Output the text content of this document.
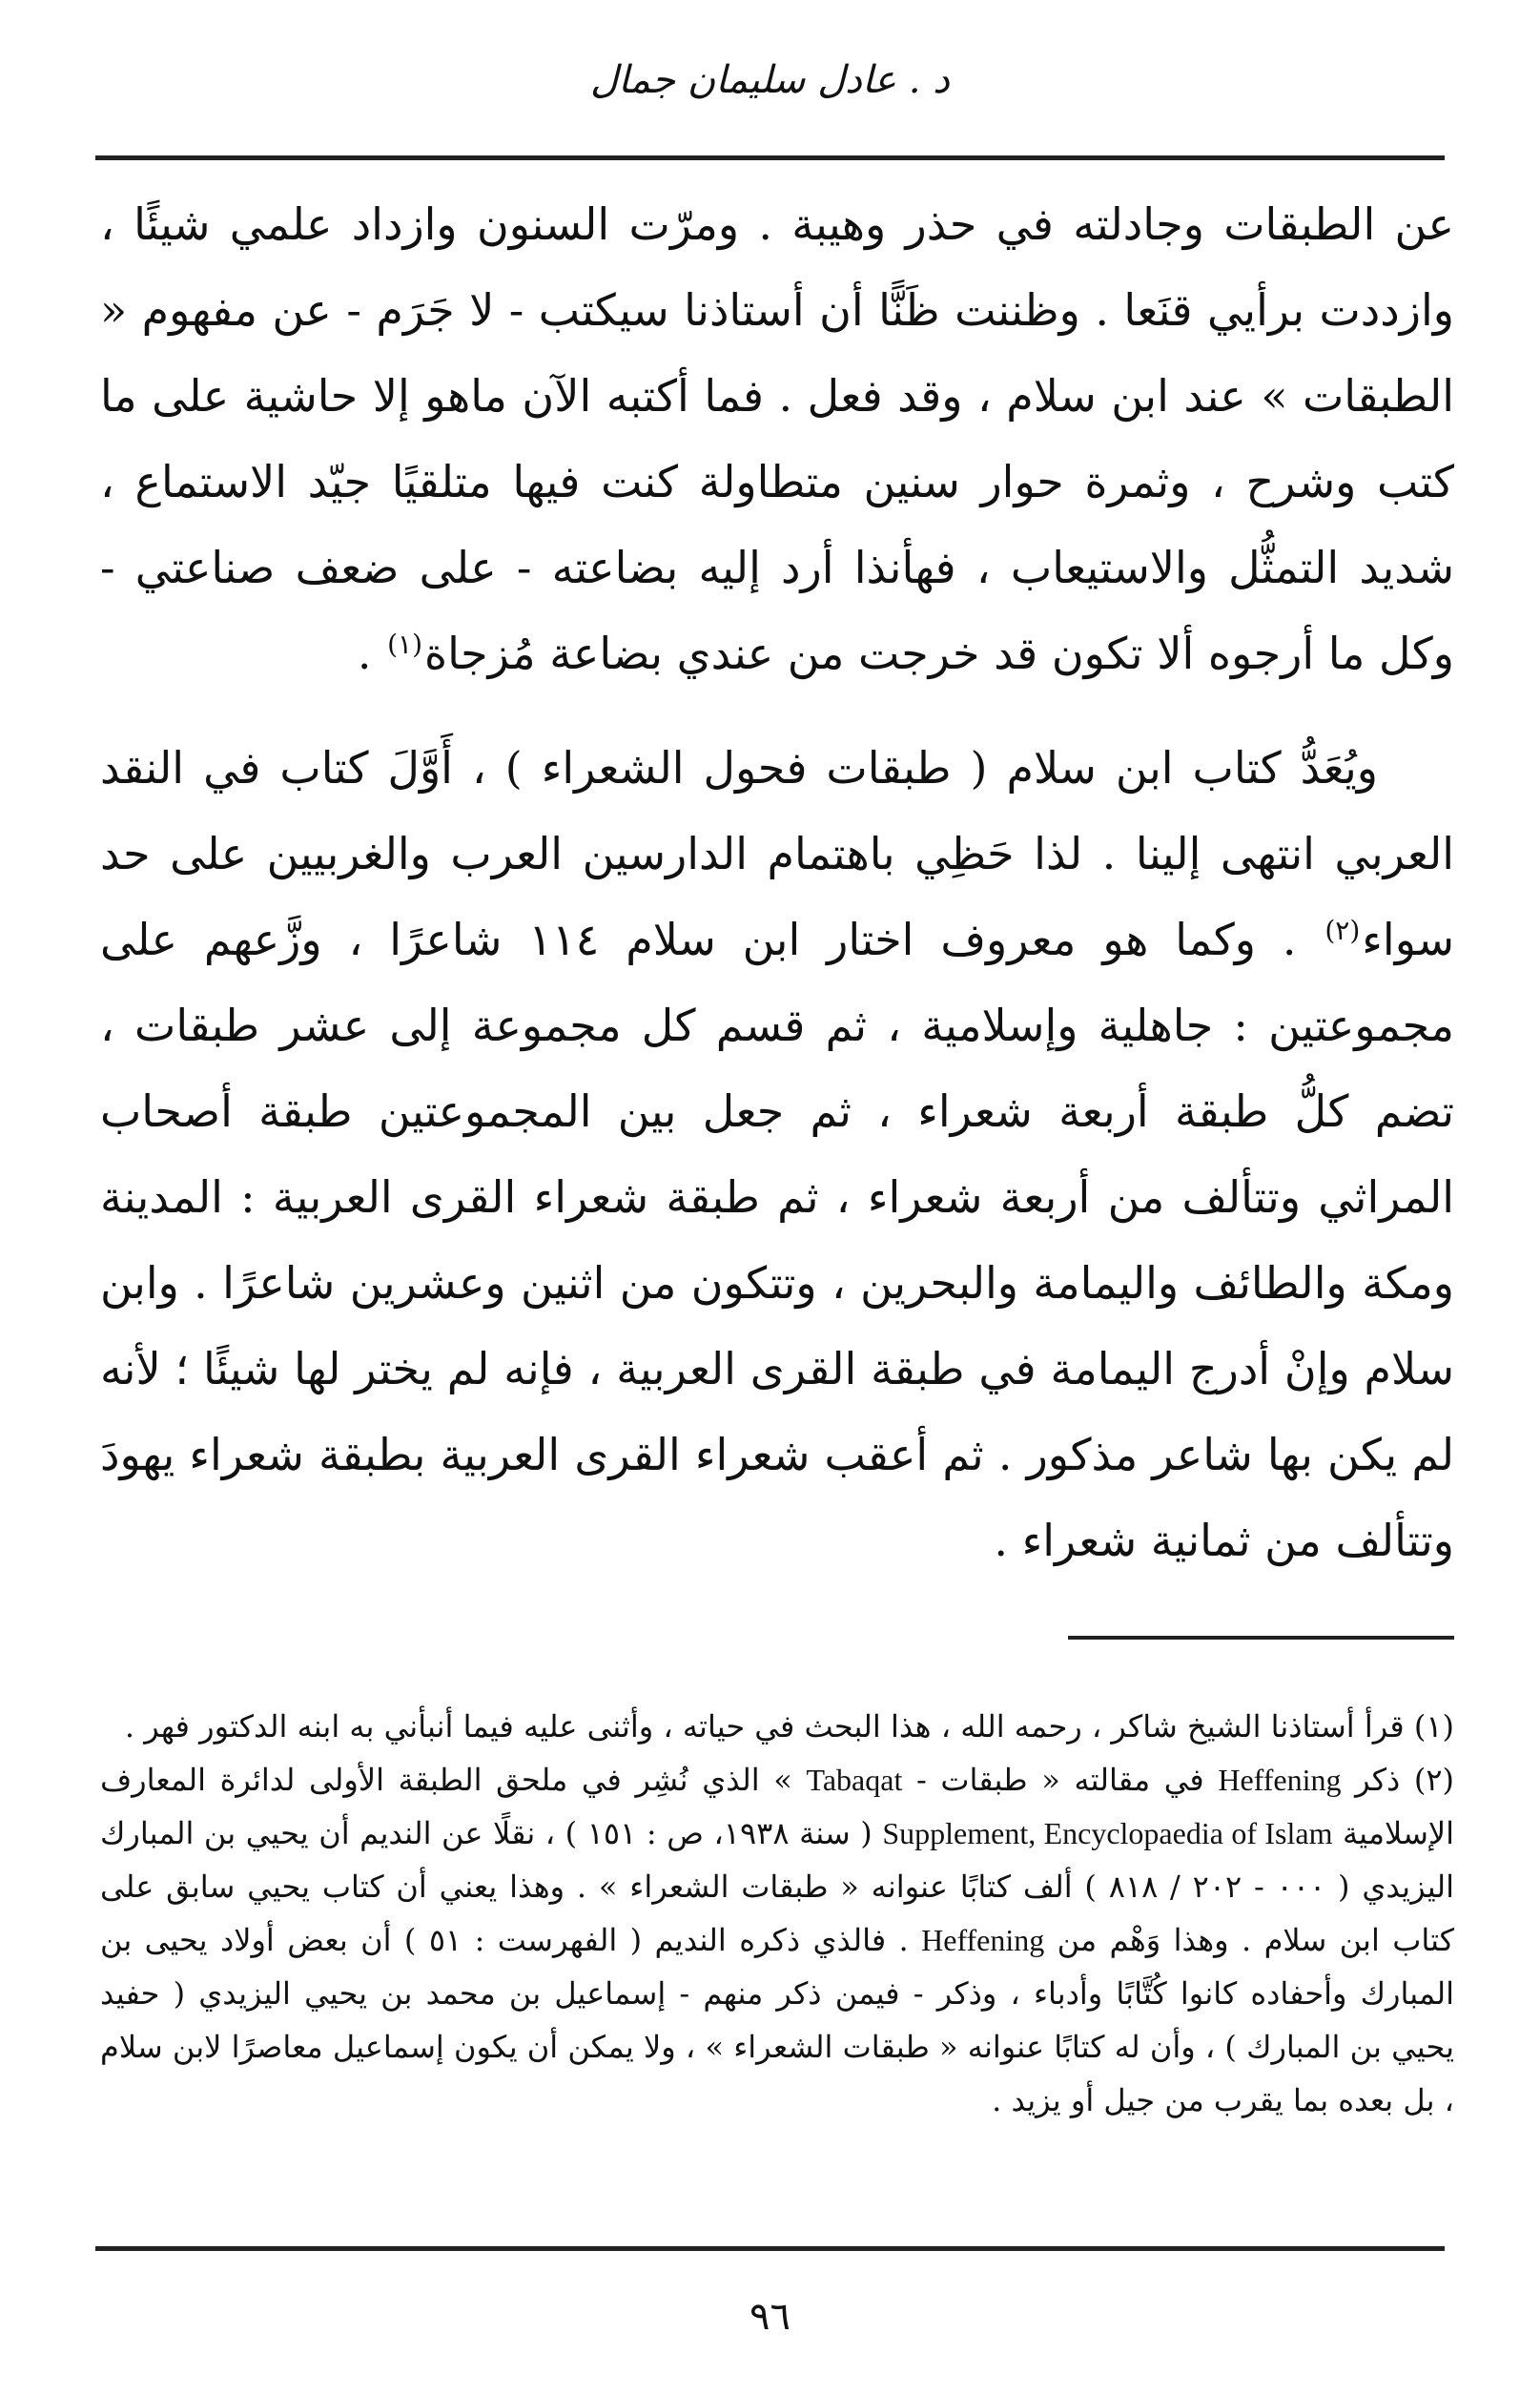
د . عادل سليمان جمال

عن الطبقات وجادلته في حذر وهيبة . ومرّت السنون وازداد علمي شيئًا ، وازددت برأيي قنَعا . وظننت ظَنًّا أن أستاذنا سيكتب - لا جَرَم - عن مفهوم « الطبقات » عند ابن سلام ، وقد فعل . فما أكتبه الآن ماهو إلا حاشية على ما كتب وشرح ، وثمرة حوار سنين متطاولة كنت فيها متلقيًا جيّد الاستماع ، شديد التمثُّل والاستيعاب ، فهأنذا أرد إليه بضاعته - على ضعف صناعتي - وكل ما أرجوه ألا تكون قد خرجت من عندي بضاعة مُزجاة$^{(١)}$ .

ويُعَدُّ كتاب ابن سلام ( طبقات فحول الشعراء ) ، أَوَّلَ كتاب في النقد العربي انتهى إلينا . لذا حَظِي باهتمام الدارسين العرب والغربيين على حد سواء$^{(٢)}$ . وكما هو معروف اختار ابن سلام ١١٤ شاعرًا ، وزَّعهم على مجموعتين : جاهلية وإسلامية ، ثم قسم كل مجموعة إلى عشر طبقات ، تضم كلُّ طبقة أربعة شعراء ، ثم جعل بين المجموعتين طبقة أصحاب المراثي وتتألف من أربعة شعراء ، ثم طبقة شعراء القرى العربية : المدينة ومكة والطائف واليمامة والبحرين ، وتتكون من اثنين وعشرين شاعرًا . وابن سلام وإنْ أدرج اليمامة في طبقة القرى العربية ، فإنه لم يختر لها شيئًا ؛ لأنه لم يكن بها شاعر مذكور . ثم أعقب شعراء القرى العربية بطبقة شعراء يهودَ وتتألف من ثمانية شعراء .

(١) قرأ أستاذنا الشيخ شاكر ، رحمه الله ، هذا البحث في حياته ، وأثنى عليه فيما أنبأني به ابنه الدكتور فهر .

(٢) ذكر Heffening في مقالته « طبقات - Tabaqat » الذي نُشِر في ملحق الطبقة الأولى لدائرة المعارف الإسلامية Supplement, Encyclopaedia of Islam ( سنة ١٩٣٨، ص : ١٥١ ) ، نقلًا عن النديم أن يحيي بن المبارك اليزيدي ( ٠٠٠ - ٢٠٢ / ٨١٨ ) ألف كتابًا عنوانه « طبقات الشعراء » . وهذا يعني أن كتاب يحيي سابق على كتاب ابن سلام . وهذا وَهْم من Heffening . فالذي ذكره النديم ( الفهرست : ٥١ ) أن بعض أولاد يحيى بن المبارك وأحفاده كانوا كُتَّابًا وأدباء ، وذكر - فيمن ذكر منهم - إسماعيل بن محمد بن يحيي اليزيدي ( حفيد يحيي بن المبارك ) ، وأن له كتابًا عنوانه « طبقات الشعراء » ، ولا يمكن أن يكون إسماعيل معاصرًا لابن سلام ، بل بعده بما يقرب من جيل أو يزيد .

٩٦
